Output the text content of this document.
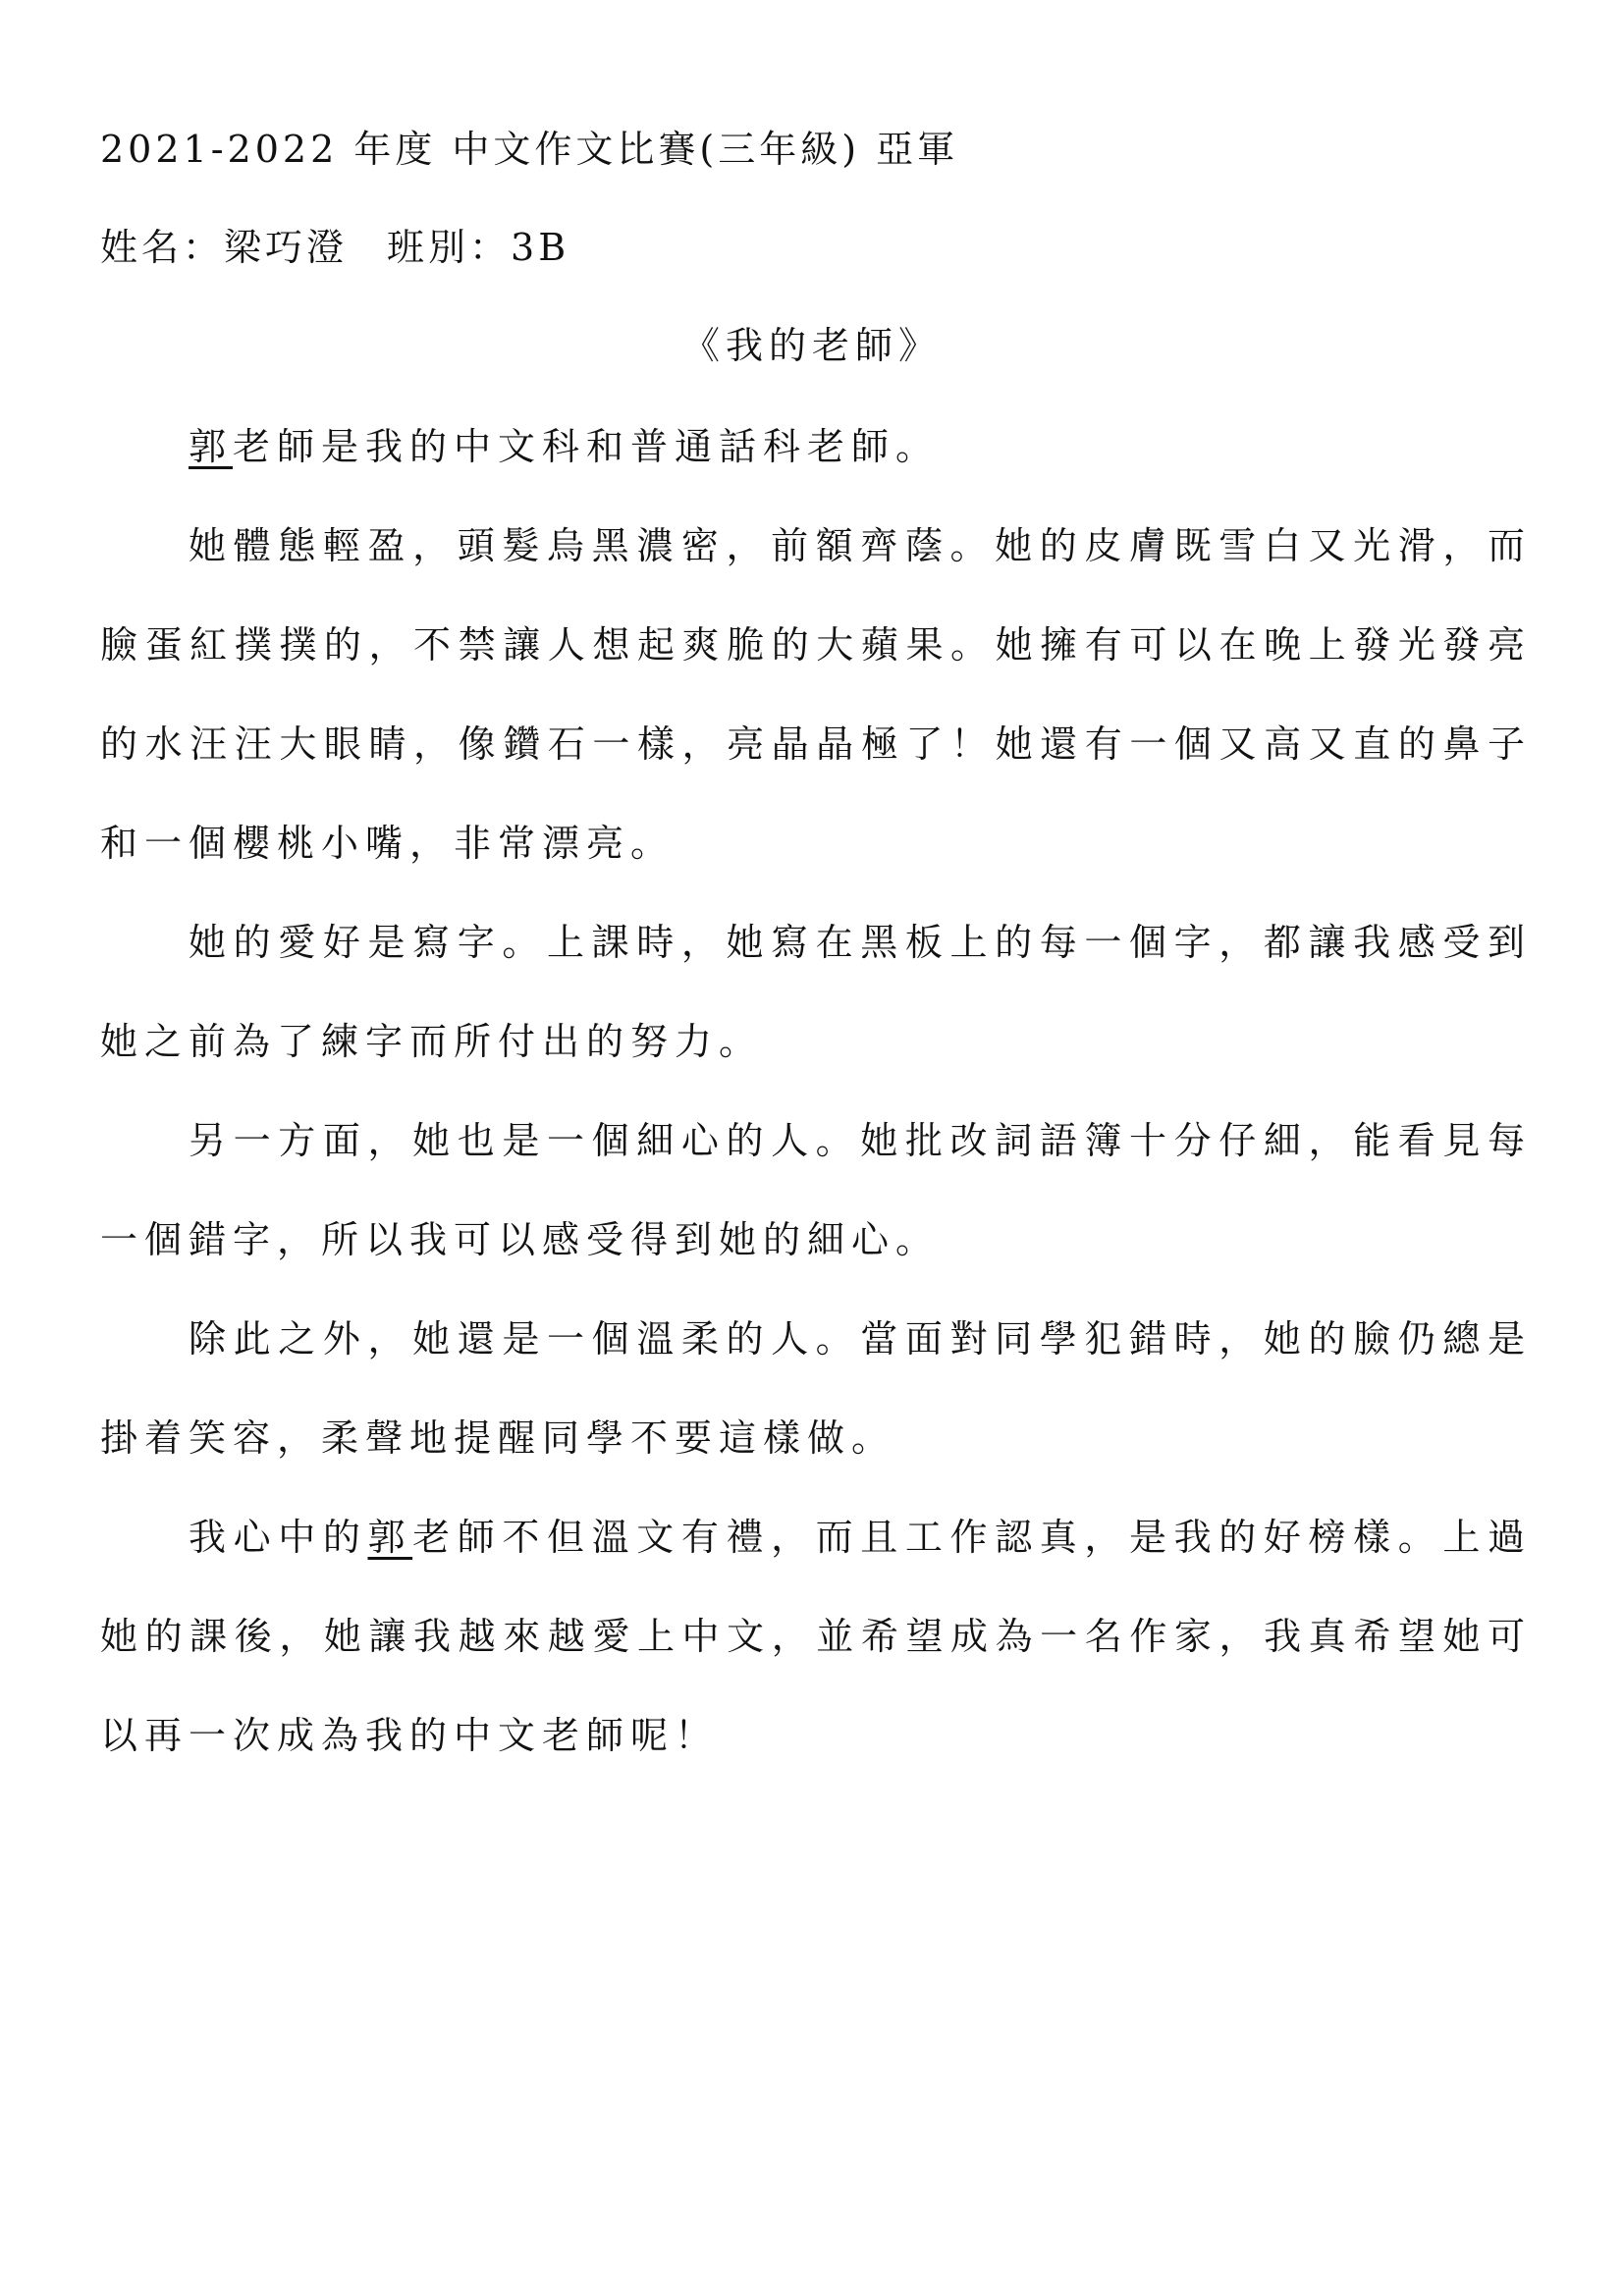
2021-2022 年度 中文作文比賽(三年級) 亞軍
姓名：梁巧澄 班別：3B
《我的老師》
郭老師是我的中文科和普通話科老師。
她體態輕盈，頭髮烏黑濃密，前額齊蔭。她的皮膚既雪白又光滑，而臉蛋紅撲撲的，不禁讓人想起爽脆的大蘋果。她擁有可以在晚上發光發亮的水汪汪大眼睛，像鑽石一樣，亮晶晶極了！她還有一個又高又直的鼻子和一個櫻桃小嘴，非常漂亮。
她的愛好是寫字。上課時，她寫在黑板上的每一個字，都讓我感受到她之前為了練字而所付出的努力。
另一方面，她也是一個細心的人。她批改詞語簿十分仔細，能看見每一個錯字，所以我可以感受得到她的細心。
除此之外，她還是一個溫柔的人。當面對同學犯錯時，她的臉仍總是掛着笑容，柔聲地提醒同學不要這樣做。
我心中的郭老師不但溫文有禮，而且工作認真，是我的好榜樣。上過她的課後，她讓我越來越愛上中文，並希望成為一名作家，我真希望她可以再一次成為我的中文老師呢！
